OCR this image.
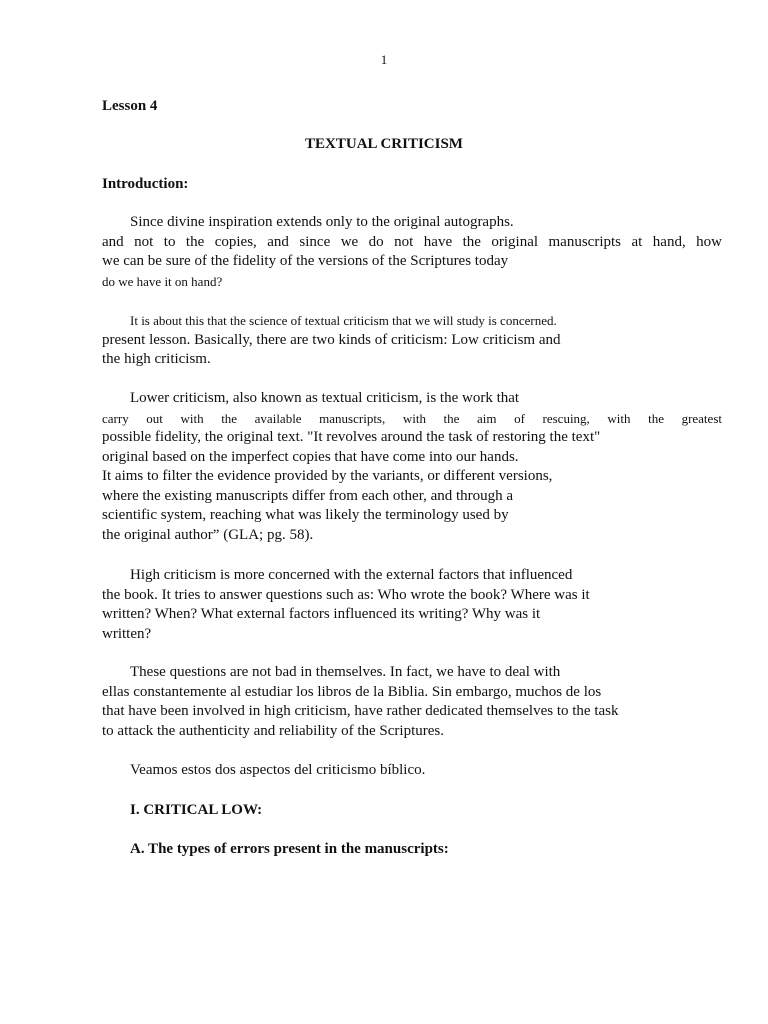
1
Lesson 4
TEXTUAL CRITICISM
Introduction:
Since divine inspiration extends only to the original autographs.
and not to the copies, and since we do not have the original manuscripts at hand, how
we can be sure of the fidelity of the versions of the Scriptures today
do we have it on hand?
It is about this that the science of textual criticism that we will study is concerned.
present lesson. Basically, there are two kinds of criticism: Low criticism and
the high criticism.
Lower criticism, also known as textual criticism, is the work that
carry out with the available manuscripts, with the aim of rescuing, with the greatest
possible fidelity, the original text. "It revolves around the task of restoring the text"
original based on the imperfect copies that have come into our hands.
It aims to filter the evidence provided by the variants, or different versions,
where the existing manuscripts differ from each other, and through a
scientific system, reaching what was likely the terminology used by
the original author” (GLA; pg. 58).
High criticism is more concerned with the external factors that influenced
the book. It tries to answer questions such as: Who wrote the book? Where was it
written? When? What external factors influenced its writing? Why was it
written?
These questions are not bad in themselves. In fact, we have to deal with
ellas constantemente al estudiar los libros de la Biblia. Sin embargo, muchos de los
that have been involved in high criticism, have rather dedicated themselves to the task
to attack the authenticity and reliability of the Scriptures.
Veamos estos dos aspectos del criticismo bíblico.
I. CRITICAL LOW:
A. The types of errors present in the manuscripts:
